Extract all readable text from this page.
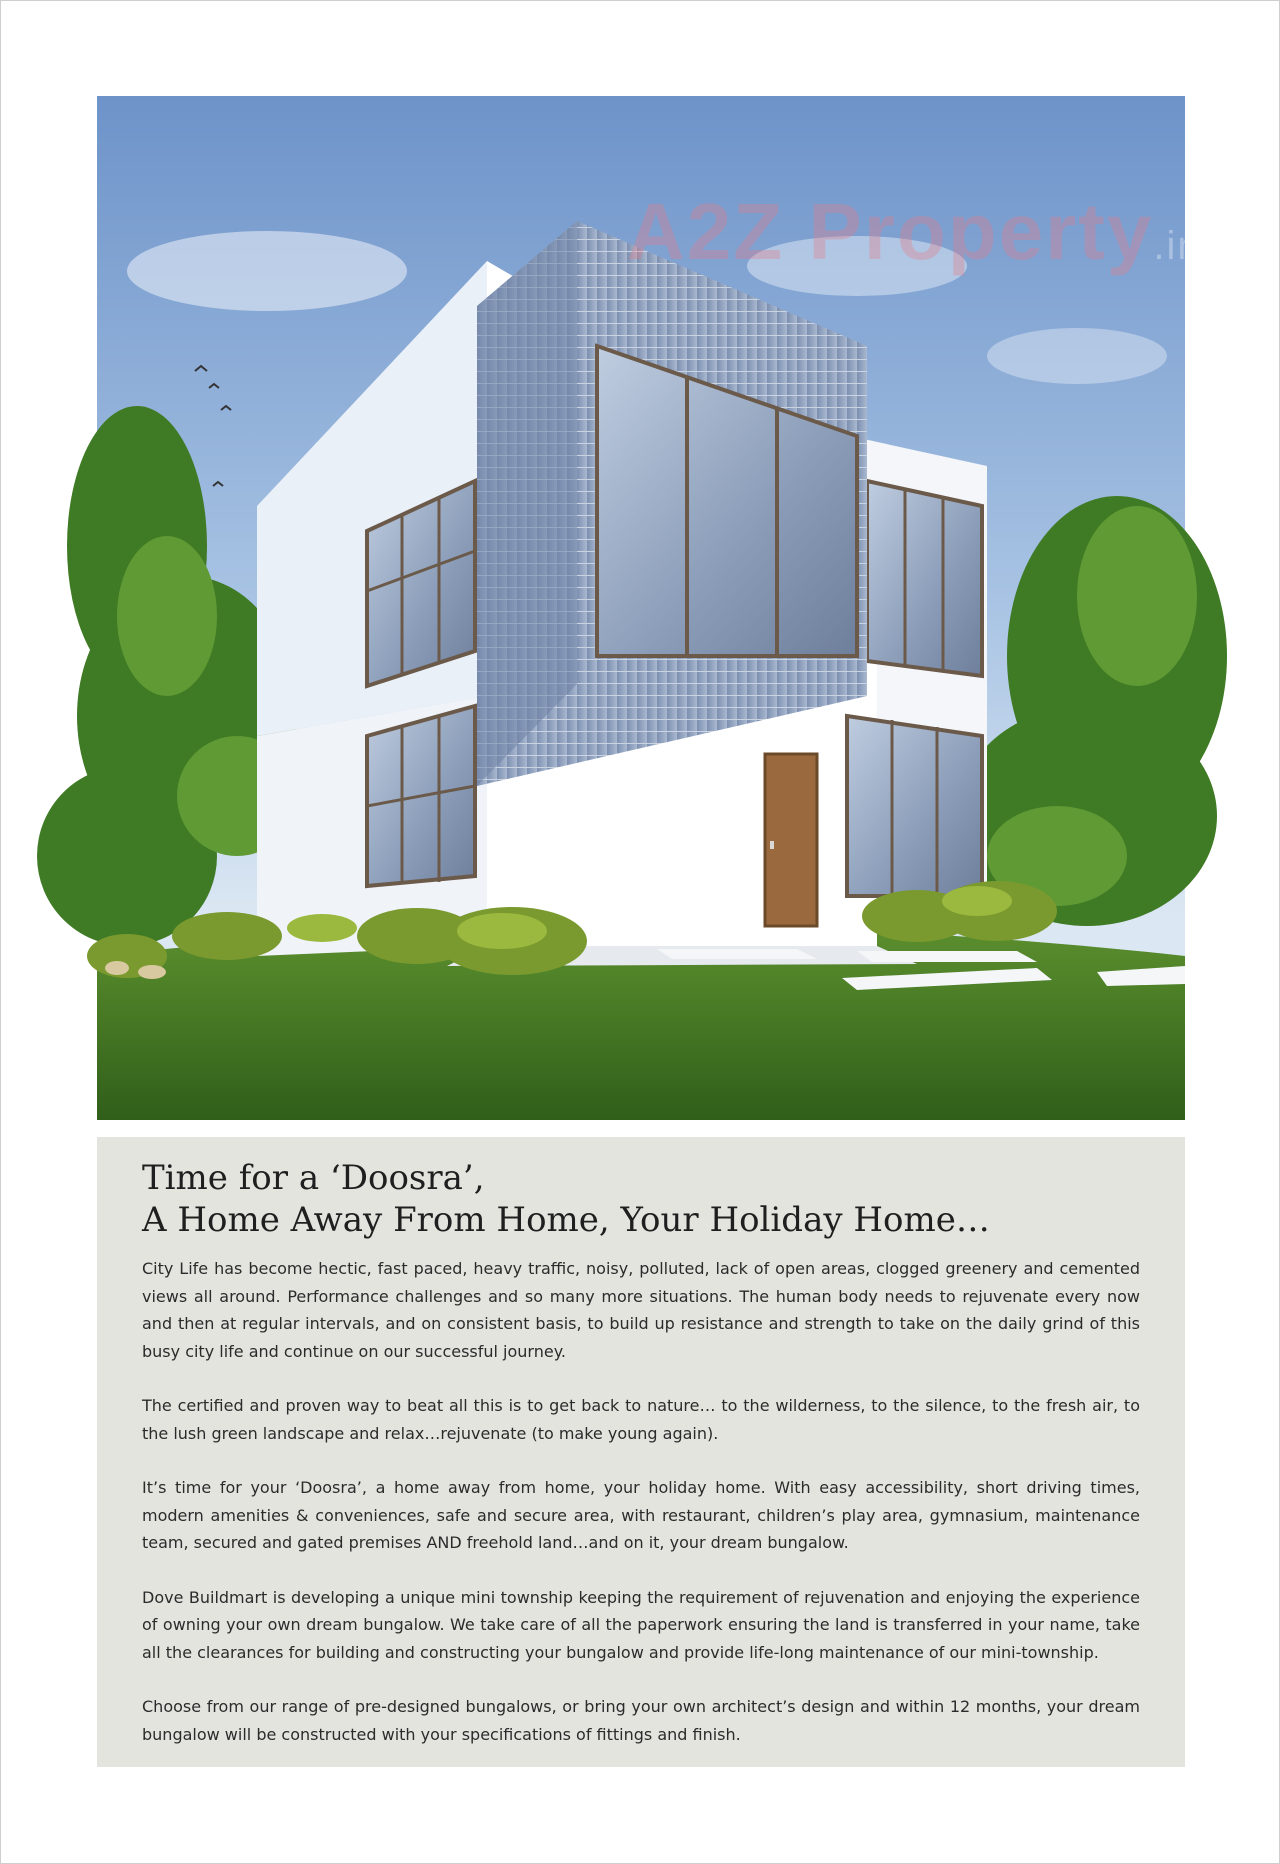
A2Z Property.in
Time for a ‘Doosra’,
A Home Away From Home, Your Holiday Home…

City Life has become hectic, fast paced, heavy traffic, noisy, polluted, lack of open areas, clogged greenery and cemented views all around. Performance challenges and so many more situations. The human body needs to rejuvenate every now and then at regular intervals, and on consistent basis, to build up resistance and strength to take on the daily grind of this busy city life and continue on our successful journey.

The certified and proven way to beat all this is to get back to nature… to the wilderness, to the silence, to the fresh air, to the lush green landscape and relax…rejuvenate (to make young again).

It’s time for your ‘Doosra’, a home away from home, your holiday home. With easy accessibility, short driving times, modern amenities & conveniences, safe and secure area, with restaurant, children’s play area, gymnasium, maintenance team, secured and gated premises AND freehold land…and on it, your dream bungalow.

Dove Buildmart is developing a unique mini township keeping the requirement of rejuvenation and enjoying the experience of owning your own dream bungalow. We take care of all the paperwork ensuring the land is transferred in your name, take all the clearances for building and constructing your bungalow and provide life-long maintenance of our mini-township.

Choose from our range of pre-designed bungalows, or bring your own architect’s design and within 12 months, your dream bungalow will be constructed with your specifications of fittings and finish.
